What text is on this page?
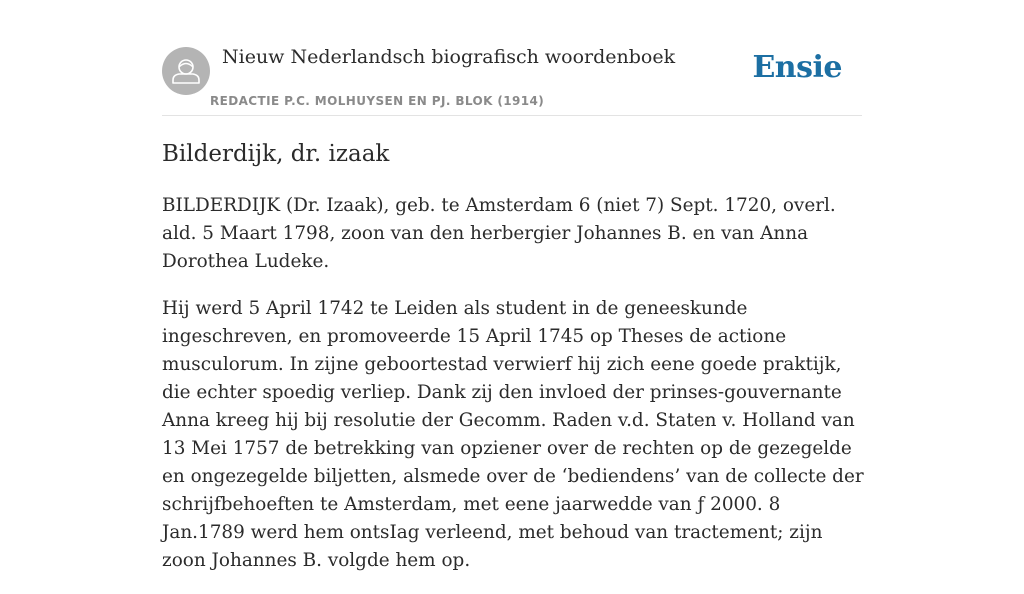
Nieuw Nederlandsch biografisch woordenboek
REDACTIE P.C. MOLHUYSEN EN PJ. BLOK (1914)
Ensie
Bilderdijk, dr. izaak

BILDERDIJK (Dr. Izaak), geb. te Amsterdam 6 (niet 7) Sept. 1720, overl. ald. 5 Maart 1798, zoon van den herbergier Johannes B. en van Anna Dorothea Ludeke.

Hij werd 5 April 1742 te Leiden als student in de geneeskunde ingeschreven, en promoveerde 15 April 1745 op Theses de actione musculorum. In zijne geboortestad verwierf hij zich eene goede praktijk, die echter spoedig verliep. Dank zij den invloed der prinses-gouvernante Anna kreeg hij bij resolutie der Gecomm. Raden v.d. Staten v. Holland van 13 Mei 1757 de betrekking van opziener over de rechten op de gezegelde en ongezegelde biljetten, alsmede over de ‘bediendens’ van de collecte der schrijfbehoeften te Amsterdam, met eene jaarwedde van ƒ 2000. 8 Jan.1789 werd hem ontsIag verleend, met behoud van tractement; zijn zoon Johannes B. volgde hem op.
